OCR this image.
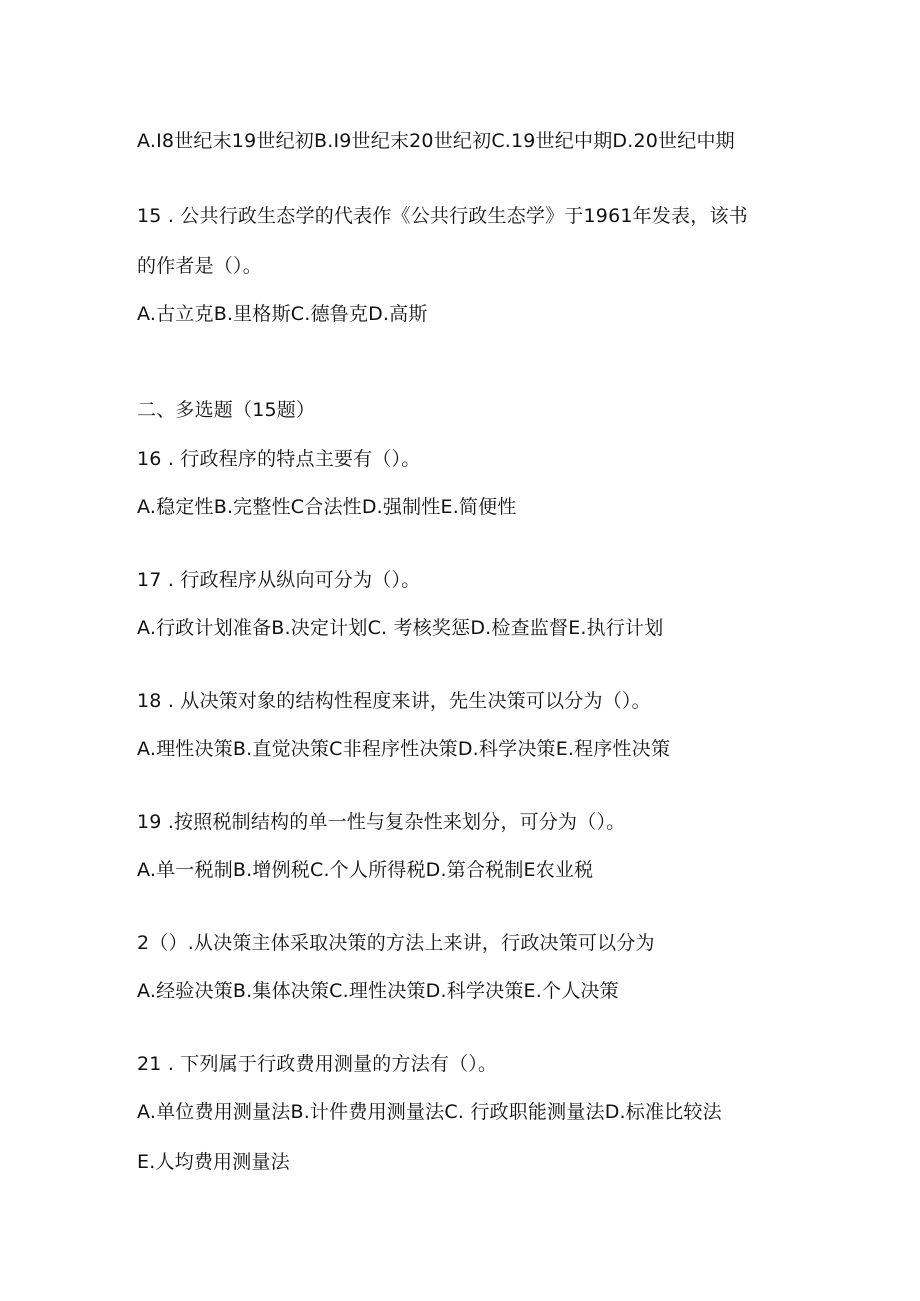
A.I8世纪末19世纪初B.I9世纪末20世纪初C.19世纪中期D.20世纪中期
15 . 公共行政生态学的代表作《公共行政生态学》于1961年发表，该书
的作者是（）。
A.古立克B.里格斯C.德鲁克D.高斯
二、多选题（15题）
16 . 行政程序的特点主要有（）。
A.稳定性B.完整性C合法性D.强制性E.简便性
17 . 行政程序从纵向可分为（）。
A.行政计划准备B.决定计划C. 考核奖惩D.检查监督E.执行计划
18 . 从决策对象的结构性程度来讲，先生决策可以分为（）。
A.理性决策B.直觉决策C非程序性决策D.科学决策E.程序性决策
19 .按照税制结构的单一性与复杂性来划分，可分为（）。
A.单一税制B.增例税C.个人所得税D.第合税制E农业税
2（）.从决策主体采取决策的方法上来讲，行政决策可以分为
A.经验决策B.集体决策C.理性决策D.科学决策E.个人决策
21 . 下列属于行政费用测量的方法有（）。
A.单位费用测量法B.计件费用测量法C. 行政职能测量法D.标准比较法
E.人均费用测量法
